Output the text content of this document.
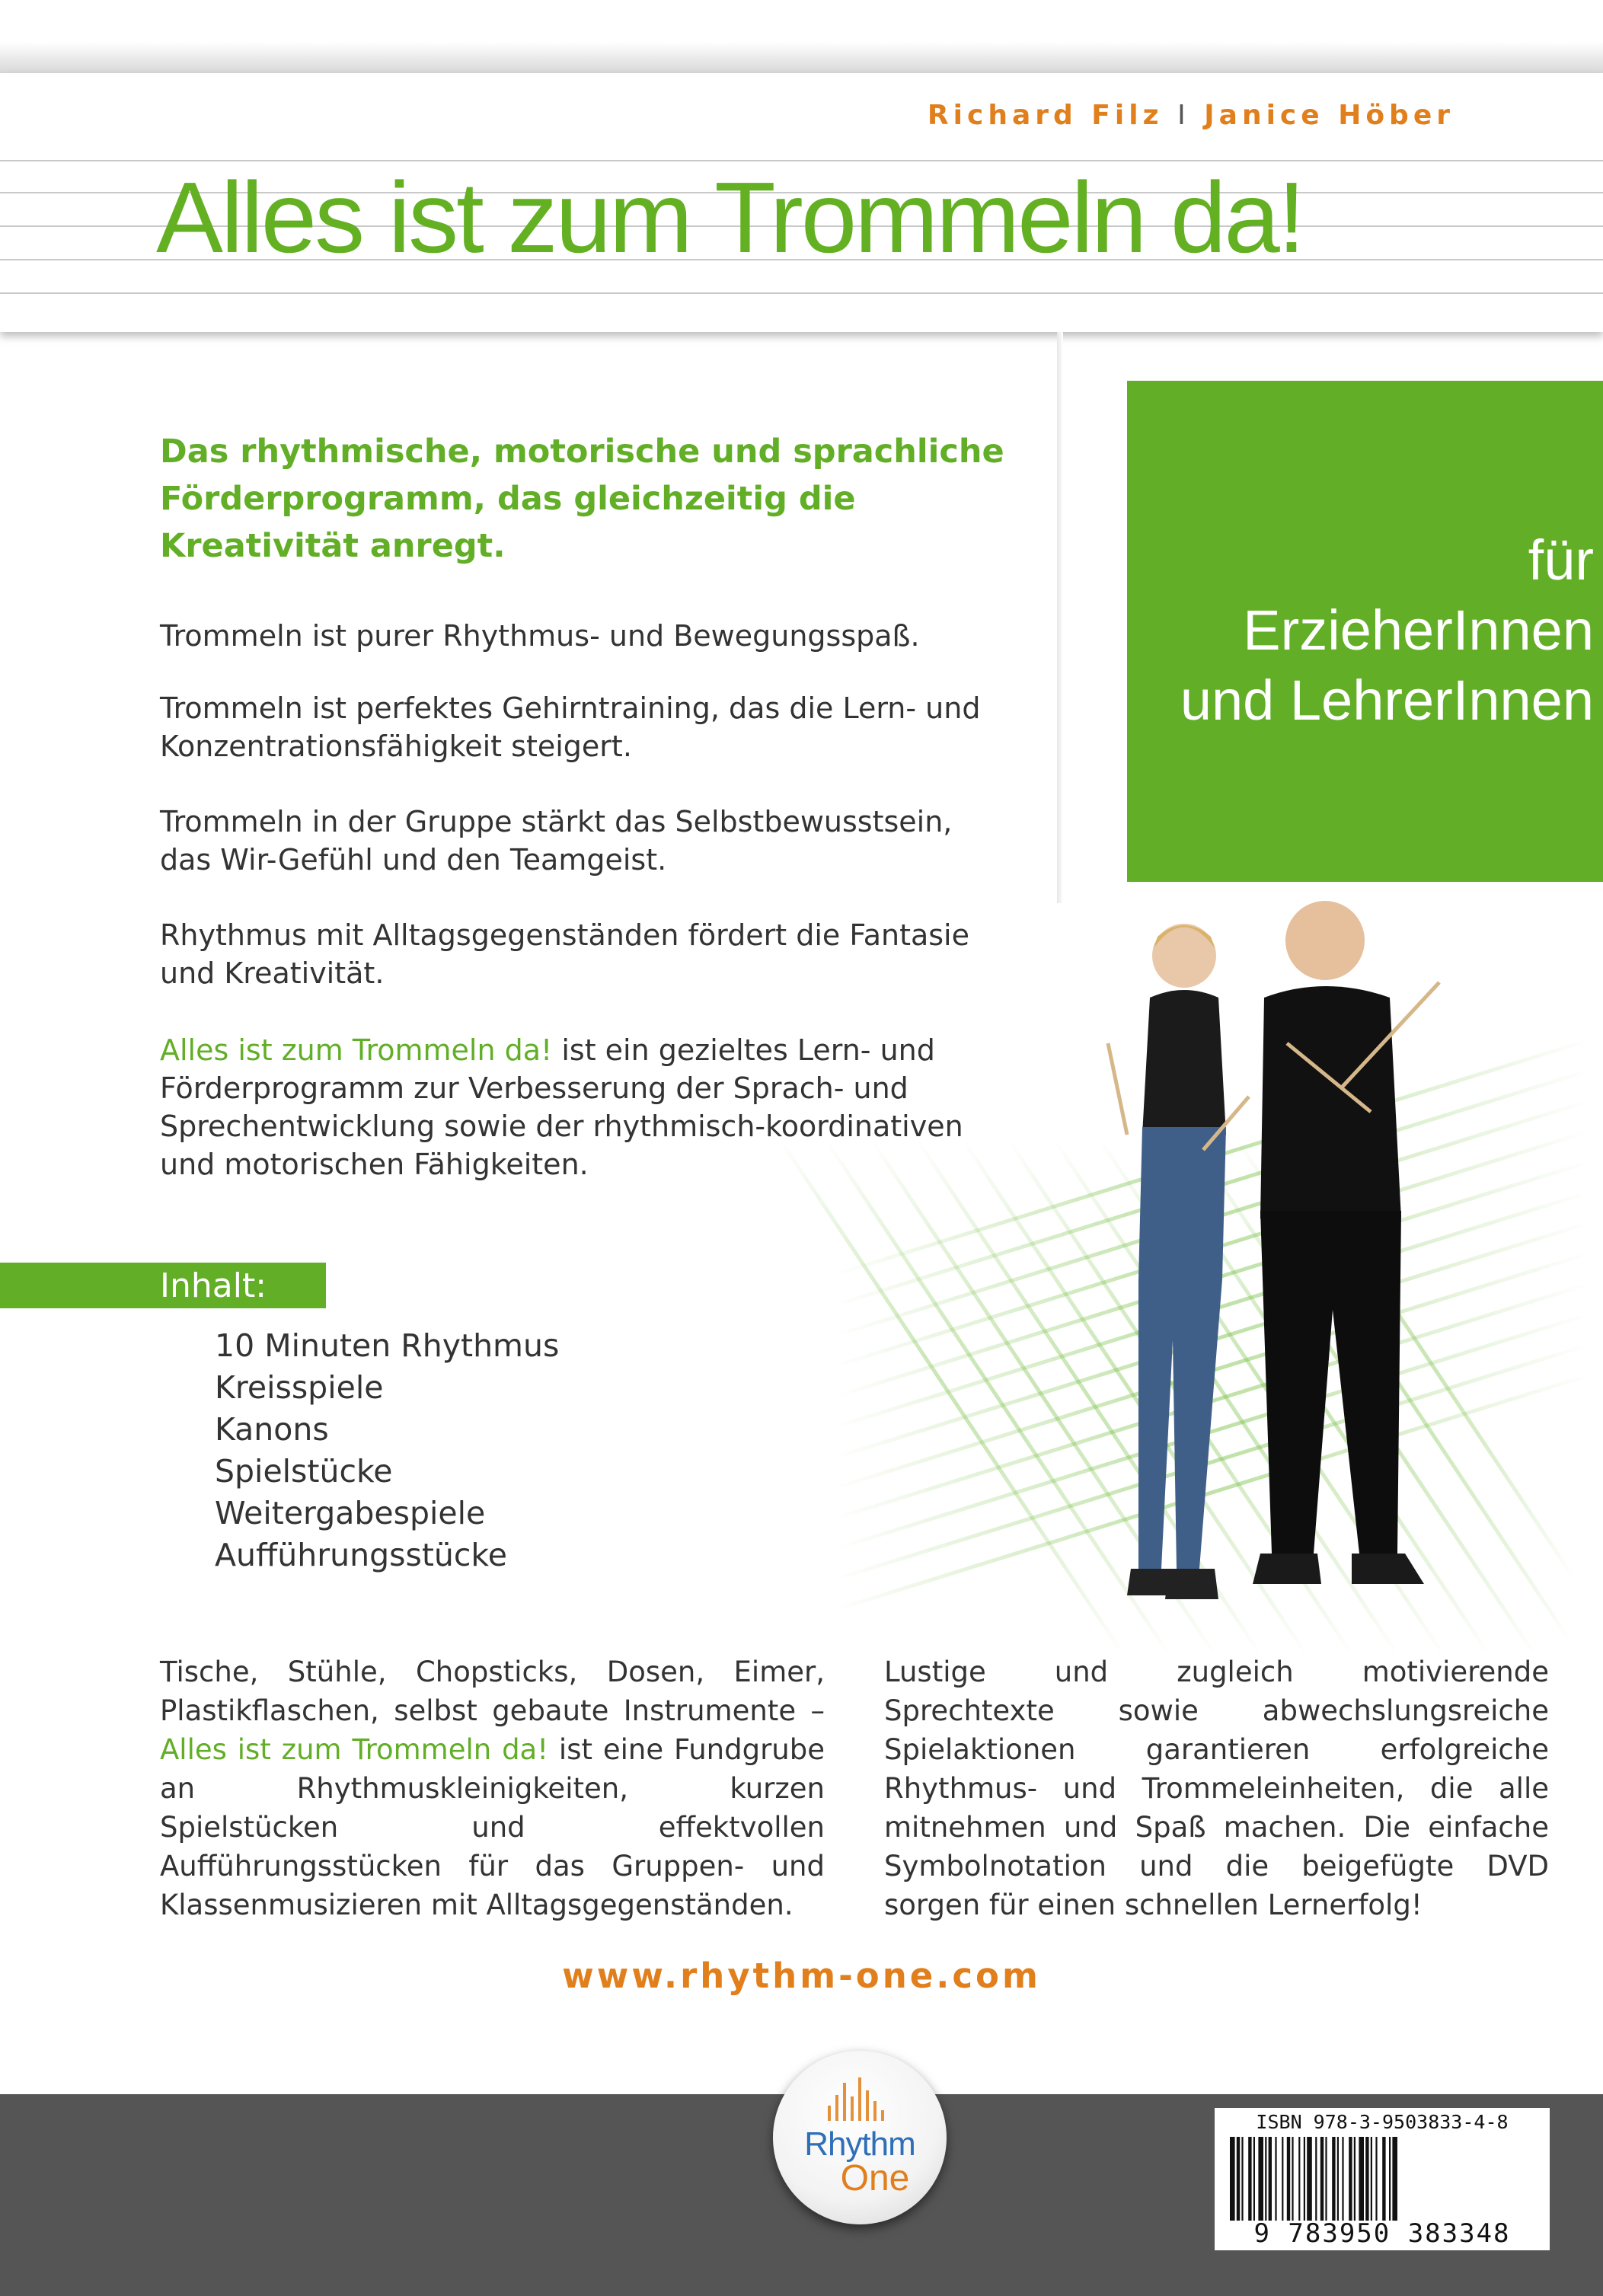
Richard Filz I Janice Höber
Alles ist zum Trommeln da!
für
ErzieherInnen
und LehrerInnen
Das rhythmische, motorische und sprachliche
Förderprogramm, das gleichzeitig die
Kreativität anregt.
Trommeln ist purer Rhythmus- und Bewegungsspaß.
Trommeln ist perfektes Gehirntraining, das die Lern- und
Konzentrationsfähigkeit steigert.
Trommeln in der Gruppe stärkt das Selbstbewusstsein,
das Wir-Gefühl und den Teamgeist.
Rhythmus mit Alltagsgegenständen fördert die Fantasie
und Kreativität.
Alles ist zum Trommeln da! ist ein gezieltes Lern- und
Förderprogramm zur Verbesserung der Sprach- und
Sprechentwicklung sowie der rhythmisch-koordinativen
und motorischen Fähigkeiten.
Inhalt:
10 Minuten Rhythmus
Kreisspiele
Kanons
Spielstücke
Weitergabespiele
Aufführungsstücke
Tische, Stühle, Chopsticks, Dosen, Eimer, Plastikflaschen, selbst gebaute Instrumente – Alles ist zum Trommeln da! ist eine Fundgrube an Rhythmuskleinigkeiten, kurzen Spielstücken und effektvollen Aufführungsstücken für das Gruppen- und Klassenmusizieren mit Alltagsgegenständen.
Lustige und zugleich motivierende Sprechtexte sowie abwechslungsreiche Spielaktionen garantieren erfolgreiche Rhythmus- und Trommeleinheiten, die alle mitnehmen und Spaß machen. Die einfache Symbolnotation und die beigefügte DVD sorgen für einen schnellen Lernerfolg!
www.rhythm-one.com
Rhythm
One
ISBN 978-3-9503833-4-8
9 783950 383348
